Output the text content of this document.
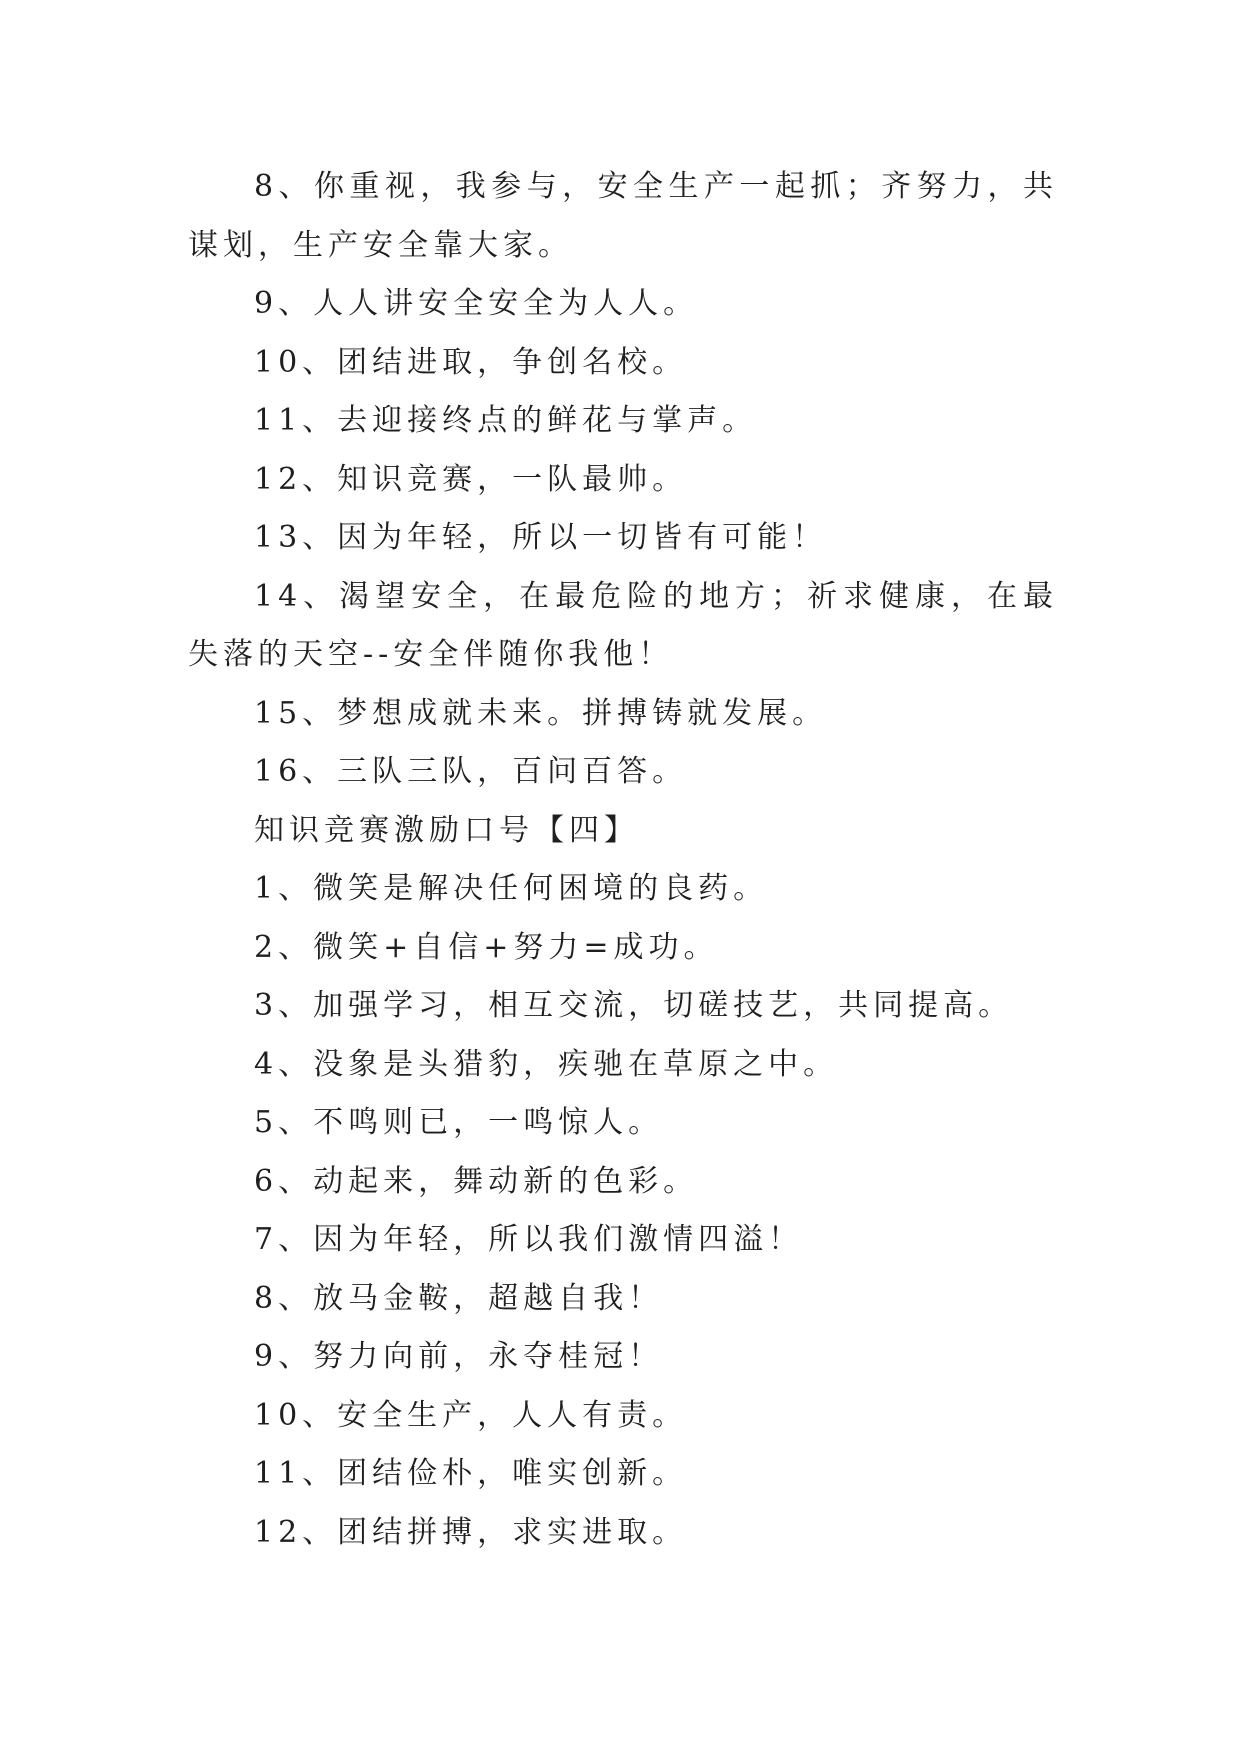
8、你重视，我参与，安全生产一起抓；齐努力，共谋划，生产安全靠大家。

9、人人讲安全安全为人人。

10、团结进取，争创名校。

11、去迎接终点的鲜花与掌声。

12、知识竞赛，一队最帅。

13、因为年轻，所以一切皆有可能！

14、渴望安全，在最危险的地方；祈求健康，在最失落的天空--安全伴随你我他！

15、梦想成就未来。拼搏铸就发展。

16、三队三队，百问百答。

知识竞赛激励口号【四】

1、微笑是解决任何困境的良药。

2、微笑+自信+努力=成功。

3、加强学习，相互交流，切磋技艺，共同提高。

4、没象是头猎豹，疾驰在草原之中。

5、不鸣则已，一鸣惊人。

6、动起来，舞动新的色彩。

7、因为年轻，所以我们激情四溢！

8、放马金鞍，超越自我！

9、努力向前，永夺桂冠！

10、安全生产，人人有责。

11、团结俭朴，唯实创新。

12、团结拼搏，求实进取。
